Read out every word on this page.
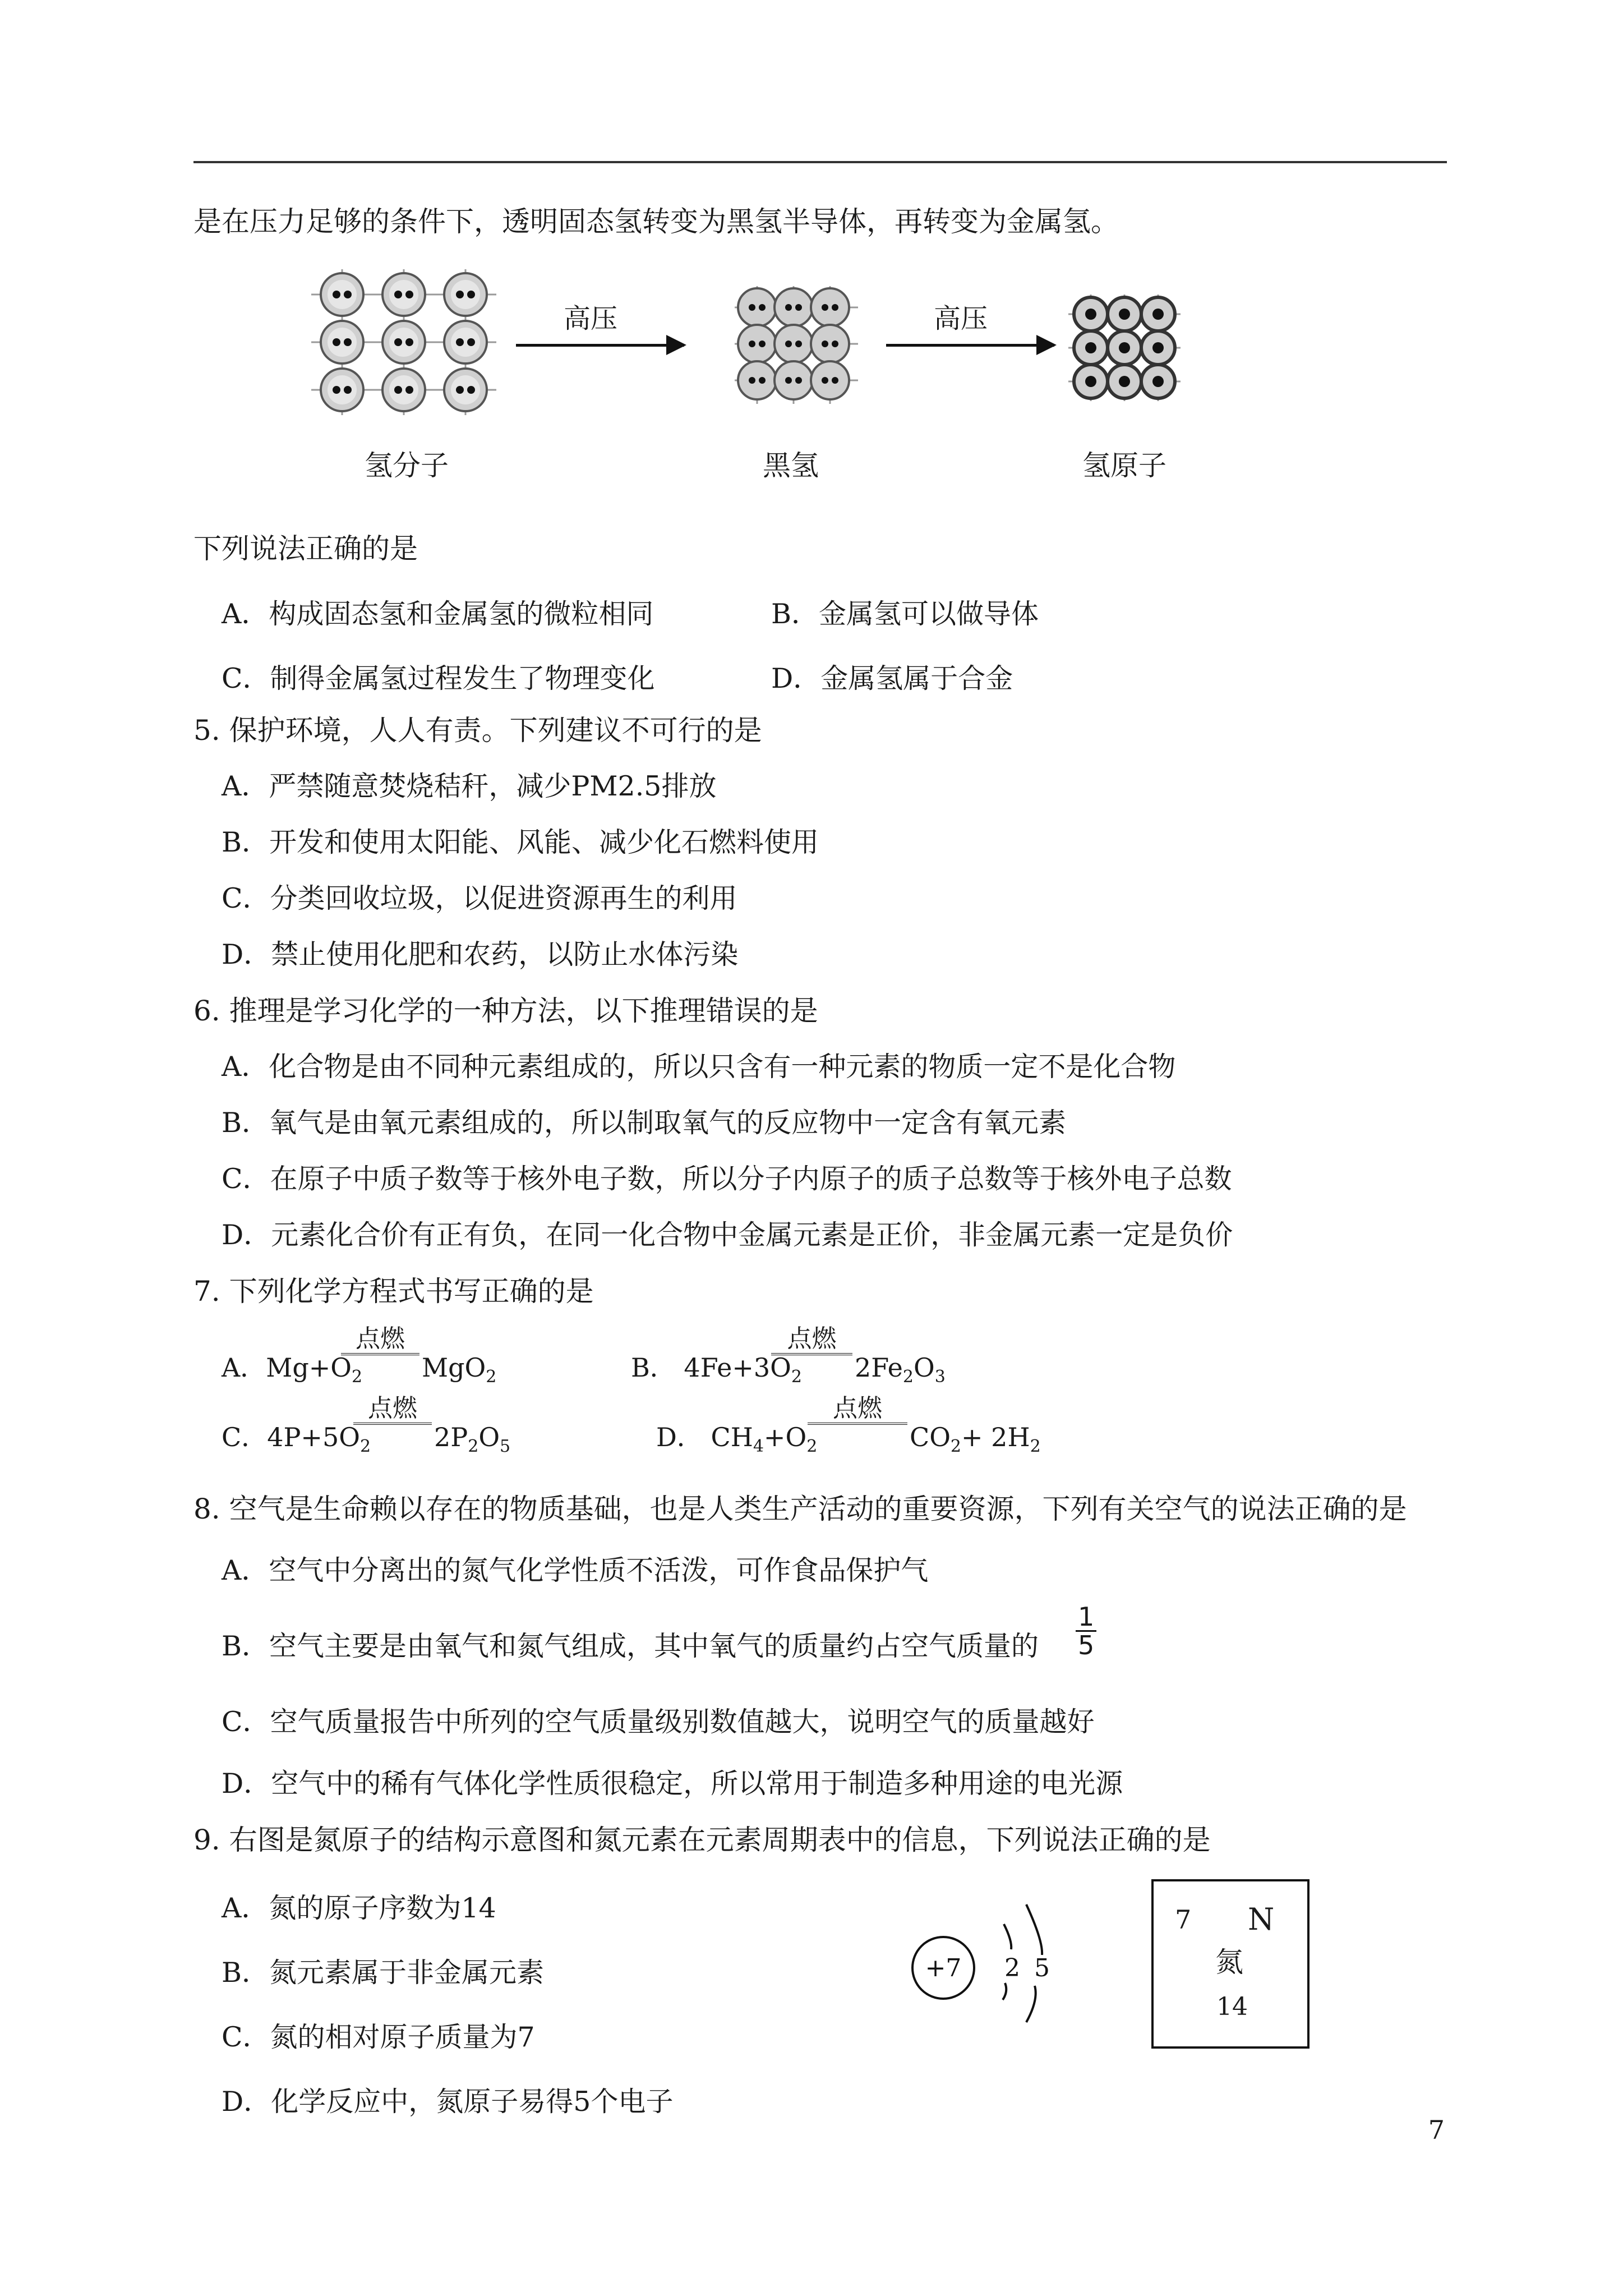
是在压力足够的条件下，透明固态氢转变为黑氢半导体，再转变为金属氢。
高压	高压
氢分子	黑氢	氢原子
下列说法正确的是
A．构成固态氢和金属氢的微粒相同	B．金属氢可以做导体
C．制得金属氢过程发生了物理变化	D．金属氢属于合金
5. 保护环境，人人有责。下列建议不可行的是
A．严禁随意焚烧秸秆，减少PM2.5排放
B．开发和使用太阳能、风能、减少化石燃料使用
C．分类回收垃圾，以促进资源再生的利用
D．禁止使用化肥和农药，以防止水体污染
6. 推理是学习化学的一种方法，以下推理错误的是
A．化合物是由不同种元素组成的，所以只含有一种元素的物质一定不是化合物
B．氧气是由氧元素组成的，所以制取氧气的反应物中一定含有氧元素
C．在原子中质子数等于核外电子数，所以分子内原子的质子总数等于核外电子总数
D．元素化合价有正有负，在同一化合物中金属元素是正价，非金属元素一定是负价
7. 下列化学方程式书写正确的是
A．$Mg+O_2$
点燃
MgO$_2$	B． $4Fe+3O_2$
点燃
$2Fe_2O_3$
C．$4P+5O_2$
点燃
$2P_2O_5$	D． $CH_4+O_2$
点燃
$CO_2+ 2H_2$
8. 空气是生命赖以存在的物质基础，也是人类生产活动的重要资源，下列有关空气的说法正确的是
A．空气中分离出的氮气化学性质不活泼，可作食品保护气
B．空气主要是由氧气和氮气组成，其中氧气的质量约占空气质量的 $\frac{1}{5}$
C．空气质量报告中所列的空气质量级别数值越大，说明空气的质量越好
D．空气中的稀有气体化学性质很稳定，所以常用于制造多种用途的电光源
9. 右图是氮原子的结构示意图和氮元素在元素周期表中的信息，下列说法正确的是
A．氮的原子序数为14
B．氮元素属于非金属元素
C．氮的相对原子质量为7
D．化学反应中，氮原子易得5个电子
+7 2 5
7 N
氮
14
7
